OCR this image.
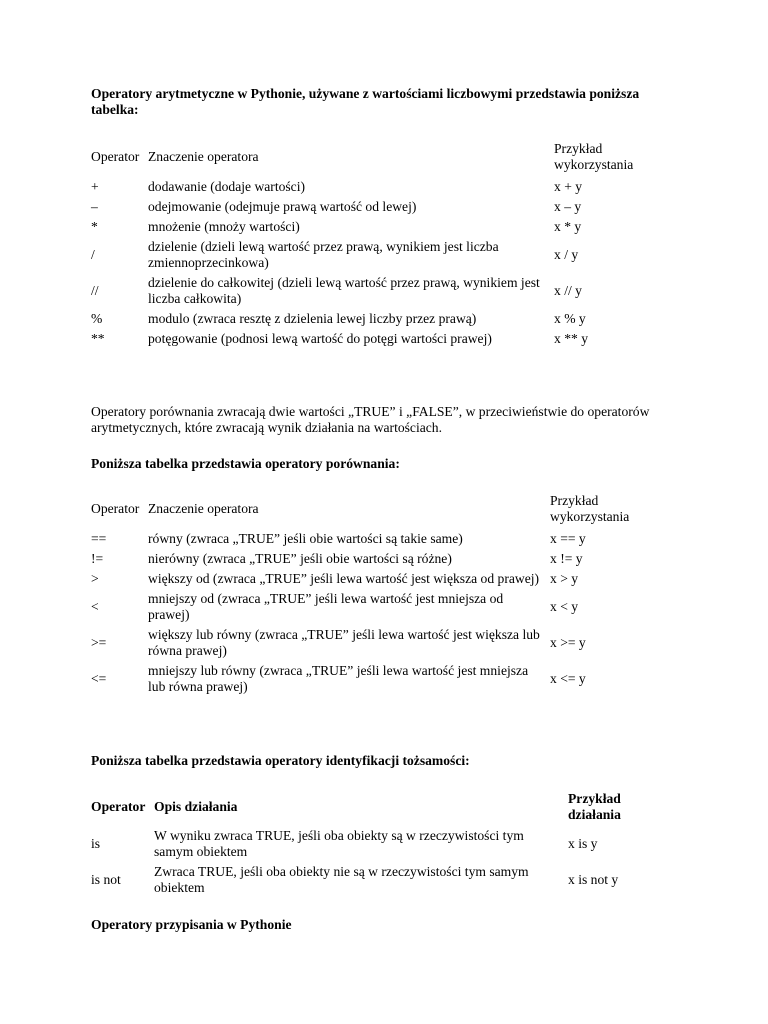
Operatory arytmetyczne w Pythonie, używane z wartościami liczbowymi przedstawia poniższa tabelka:
Operator	Znaczenie operatora	Przykład wykorzystania
+	dodawanie (dodaje wartości)	x + y
–	odejmowanie (odejmuje prawą wartość od lewej)	x – y
*	mnożenie (mnoży wartości)	x * y
/	dzielenie (dzieli lewą wartość przez prawą, wynikiem jest liczba zmiennoprzecinkowa)	x / y
//	dzielenie do całkowitej (dzieli lewą wartość przez prawą, wynikiem jest liczba całkowita)	x // y
%	modulo (zwraca resztę z dzielenia lewej liczby przez prawą)	x % y
**	potęgowanie (podnosi lewą wartość do potęgi wartości prawej)	x ** y
Operatory porównania zwracają dwie wartości „TRUE” i „FALSE”, w przeciwieństwie do operatorów arytmetycznych, które zwracają wynik działania na wartościach.
Poniższa tabelka przedstawia operatory porównania:
Operator	Znaczenie operatora	Przykład wykorzystania
==	równy (zwraca „TRUE” jeśli obie wartości są takie same)	x == y
!=	nierówny (zwraca „TRUE” jeśli obie wartości są różne)	x != y
>	większy od (zwraca „TRUE” jeśli lewa wartość jest większa od prawej)	x > y
<	mniejszy od (zwraca „TRUE” jeśli lewa wartość jest mniejsza od prawej)	x < y
>=	większy lub równy (zwraca „TRUE” jeśli lewa wartość jest większa lub równa prawej)	x >= y
<=	mniejszy lub równy (zwraca „TRUE” jeśli lewa wartość jest mniejsza lub równa prawej)	x <= y
Poniższa tabelka przedstawia operatory identyfikacji tożsamości:
Operator	Opis działania	Przykład działania
is	W wyniku zwraca TRUE, jeśli oba obiekty są w rzeczywistości tym samym obiektem	x is y
is not	Zwraca TRUE, jeśli oba obiekty nie są w rzeczywistości tym samym obiektem	x is not y
Operatory przypisania w Pythonie
